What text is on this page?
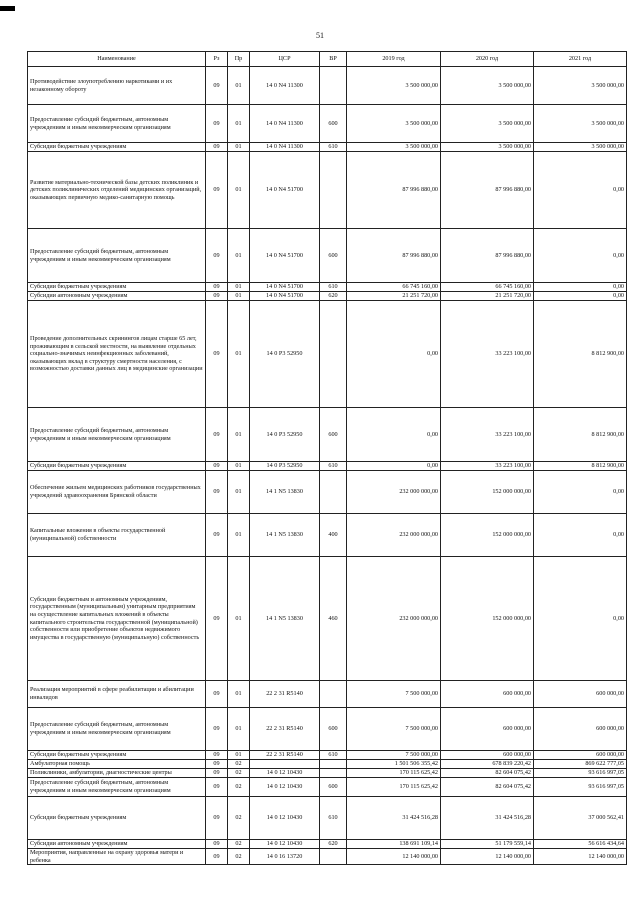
51
Наименование	Рз	Пр	ЦСР	ВР	2019 год	2020 год	2021 год
Противодействие злоупотреблению наркотиками и их незаконному обороту	09	01	14 0 N4 11300		3 500 000,00	3 500 000,00	3 500 000,00
Предоставление субсидий бюджетным, автономным учреждениям и иным некоммерческим организациям	09	01	14 0 N4 11300	600	3 500 000,00	3 500 000,00	3 500 000,00
Субсидии бюджетным учреждениям	09	01	14 0 N4 11300	610	3 500 000,00	3 500 000,00	3 500 000,00
Развитие материально-технической базы детских поликлиник и детских поликлинических отделений медицинских организаций, оказывающих первичную медико-санитарную помощь	09	01	14 0 N4 51700		87 996 880,00	87 996 880,00	0,00
Предоставление субсидий бюджетным, автономным учреждениям и иным некоммерческим организациям	09	01	14 0 N4 51700	600	87 996 880,00	87 996 880,00	0,00
Субсидии бюджетным учреждениям	09	01	14 0 N4 51700	610	66 745 160,00	66 745 160,00	0,00
Субсидии автономным учреждениям	09	01	14 0 N4 51700	620	21 251 720,00	21 251 720,00	0,00
Проведение дополнительных скринингов лицам старше 65 лет, проживающим в сельской местности, на выявление отдельных социально-значимых неинфекционных заболеваний, оказывающих вклад в структуру смертности населения, с возможностью доставки данных лиц в медицинские организации	09	01	14 0 P3 52950		0,00	33 223 100,00	8 812 900,00
Предоставление субсидий бюджетным, автономным учреждениям и иным некоммерческим организациям	09	01	14 0 P3 52950	600	0,00	33 223 100,00	8 812 900,00
Субсидии бюджетным учреждениям	09	01	14 0 P3 52950	610	0,00	33 223 100,00	8 812 900,00
Обеспечение жильем медицинских работников государственных учреждений здравоохранения Брянской области	09	01	14 1 N5 13830		232 000 000,00	152 000 000,00	0,00
Капитальные вложения в объекты государственной (муниципальной) собственности	09	01	14 1 N5 13830	400	232 000 000,00	152 000 000,00	0,00
Субсидии бюджетным и автономным учреждениям, государственным (муниципальным) унитарным предприятиям на осуществление капитальных вложений в объекты капитального строительства государственной (муниципальной) собственности или приобретение объектов недвижимого имущества в государственную (муниципальную) собственность	09	01	14 1 N5 13830	460	232 000 000,00	152 000 000,00	0,00
Реализация мероприятий в сфере реабилитации и абилитации инвалидов	09	01	22 2 31 R5140		7 500 000,00	600 000,00	600 000,00
Предоставление субсидий бюджетным, автономным учреждениям и иным некоммерческим организациям	09	01	22 2 31 R5140	600	7 500 000,00	600 000,00	600 000,00
Субсидии бюджетным учреждениям	09	01	22 2 31 R5140	610	7 500 000,00	600 000,00	600 000,00
Амбулаторная помощь	09	02			1 501 506 355,42	678 839 220,42	869 622 777,05
Поликлиники, амбулатории, диагностические центры	09	02	14 0 12 10430		170 115 625,42	82 604 075,42	93 616 997,05
Предоставление субсидий бюджетным, автономным учреждениям и иным некоммерческим организациям	09	02	14 0 12 10430	600	170 115 625,42	82 604 075,42	93 616 997,05
Субсидии бюджетным учреждениям	09	02	14 0 12 10430	610	31 424 516,28	31 424 516,28	37 000 562,41
Субсидии автономным учреждениям	09	02	14 0 12 10430	620	138 691 109,14	51 179 559,14	56 616 434,64
Мероприятия, направленные на охрану здоровья матери и ребенка	09	02	14 0 16 13720		12 140 000,00	12 140 000,00	12 140 000,00
